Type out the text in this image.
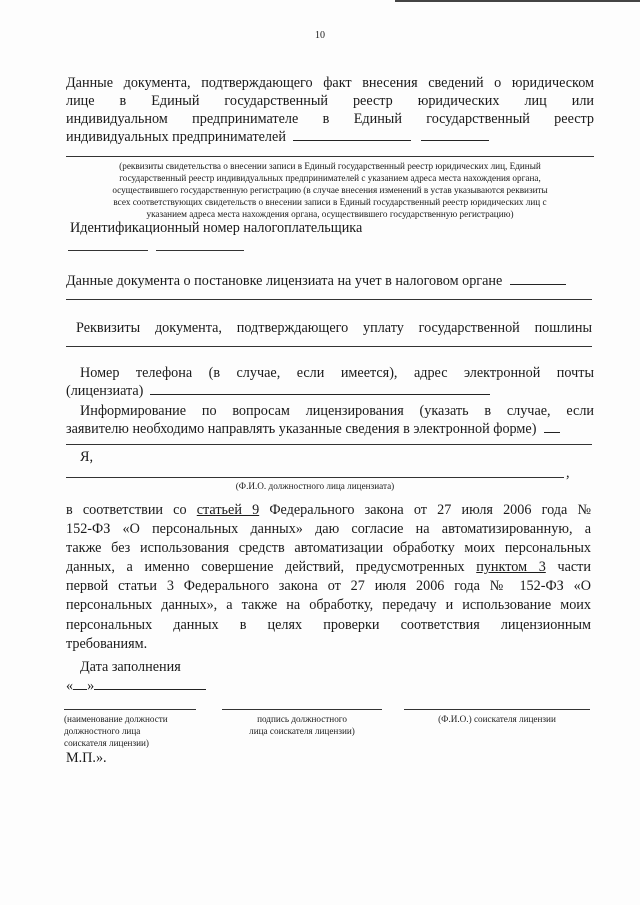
10
Данные документа, подтверждающего факт внесения сведений о юридическом
лице в Единый государственный реестр юридических лиц или
индивидуальном предпринимателе в Единый государственный реестр
индивидуальных предпринимателей
(реквизиты свидетельства о внесении записи в Единый государственный реестр юридических лиц, Единый
государственный реестр индивидуальных предпринимателей с указанием адреса места нахождения органа,
осуществившего государственную регистрацию (в случае внесения изменений в устав указываются реквизиты
всех соответствующих свидетельств о внесении записи в Единый государственный реестр юридических лиц с
указанием адреса места нахождения органа, осуществившего государственную регистрацию)
Идентификационный номер налогоплательщика
Данные документа о постановке лицензиата на учет в налоговом органе
Реквизиты документа, подтверждающего уплату государственной пошлины
Номер телефона (в случае, если имеется), адрес электронной почты
(лицензиата)
Информирование по вопросам лицензирования (указать в случае, если
заявителю необходимо направлять указанные сведения в электронной форме)
Я,
,
(Ф.И.О. должностного лица лицензиата)
в соответствии со статьей 9 Федерального закона от 27 июля 2006 года №
152-ФЗ «О персональных данных» даю согласие на автоматизированную, а
также без использования средств автоматизации обработку моих персональных
данных, а именно совершение действий, предусмотренных пунктом 3 части
первой статьи 3 Федерального закона от 27 июля 2006 года № 152-ФЗ «О
персональных данных», а также на обработку, передачу и использование моих
персональных данных в целях проверки соответствия лицензионным
требованиям.
Дата заполнения
« »
(наименование должности
должностного лица
соискателя лицензии)
подпись должностного
лица соискателя лицензии)
(Ф.И.О.) соискателя лицензии
М.П.».
